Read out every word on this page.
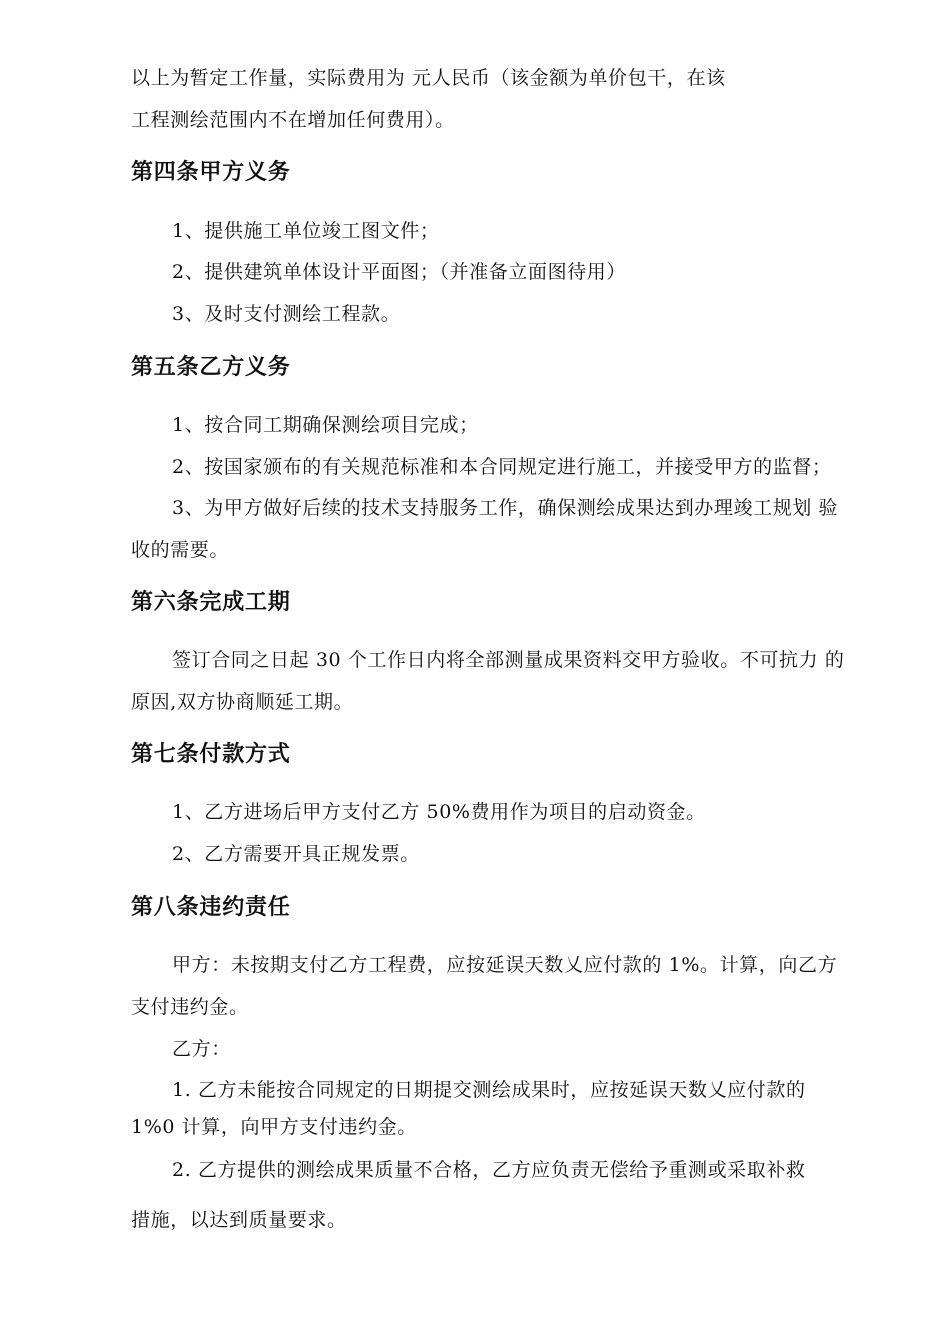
以上为暂定工作量，实际费用为 元人民币（该金额为单价包干，在该
工程测绘范围内不在增加任何费用）。
第四条甲方义务
1、提供施工单位竣工图文件；
2、提供建筑单体设计平面图；（并准备立面图待用）
3、及时支付测绘工程款。
第五条乙方义务
1、按合同工期确保测绘项目完成；
2、按国家颁布的有关规范标准和本合同规定进行施工，并接受甲方的监督；
3、为甲方做好后续的技术支持服务工作，确保测绘成果达到办理竣工规划 验
收的需要。
第六条完成工期
签订合同之日起 30 个工作日内将全部测量成果资料交甲方验收。不可抗力 的
原因,双方协商顺延工期。
第七条付款方式
1、乙方进场后甲方支付乙方 50%费用作为项目的启动资金。
2、乙方需要开具正规发票。
第八条违约责任
甲方：未按期支付乙方工程费，应按延误天数乂应付款的 1%。计算，向乙方
支付违约金。
乙方：
1. 乙方未能按合同规定的日期提交测绘成果时，应按延误天数乂应付款的
1%0 计算，向甲方支付违约金。
2. 乙方提供的测绘成果质量不合格，乙方应负责无偿给予重测或采取补救
措施，以达到质量要求。
